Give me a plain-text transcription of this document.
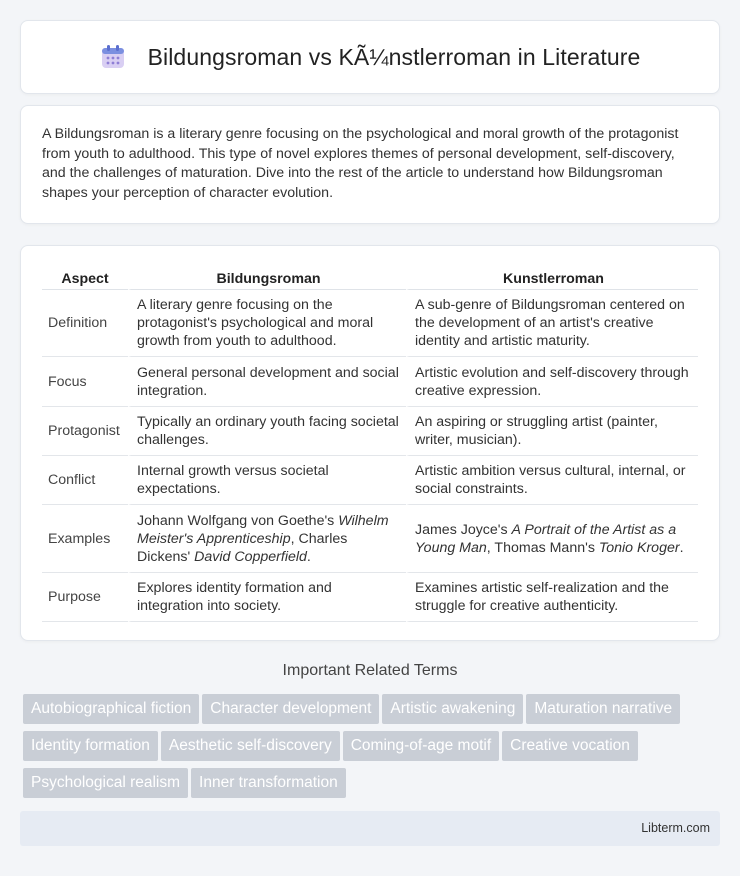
Bildungsroman vs KÃ¼nstlerroman in Literature

A Bildungsroman is a literary genre focusing on the psychological and moral growth of the protagonist from youth to adulthood. This type of novel explores themes of personal development, self-discovery, and the challenges of maturation. Dive into the rest of the article to understand how Bildungsroman shapes your perception of character evolution.

Aspect	Bildungsroman	Kunstlerroman
Definition	A literary genre focusing on the protagonist's psychological and moral growth from youth to adulthood.	A sub-genre of Bildungsroman centered on the development of an artist's creative identity and artistic maturity.
Focus	General personal development and social integration.	Artistic evolution and self-discovery through creative expression.
Protagonist	Typically an ordinary youth facing societal challenges.	An aspiring or struggling artist (painter, writer, musician).
Conflict	Internal growth versus societal expectations.	Artistic ambition versus cultural, internal, or social constraints.
Examples	Johann Wolfgang von Goethe's Wilhelm Meister's Apprenticeship, Charles Dickens' David Copperfield.	James Joyce's A Portrait of the Artist as a Young Man, Thomas Mann's Tonio Kroger.
Purpose	Explores identity formation and integration into society.	Examines artistic self-realization and the struggle for creative authenticity.
Important Related Terms
Autobiographical fiction Character development Artistic awakening Maturation narrative
Identity formation Aesthetic self-discovery Coming-of-age motif Creative vocation
Psychological realism Inner transformation
Libterm.com
